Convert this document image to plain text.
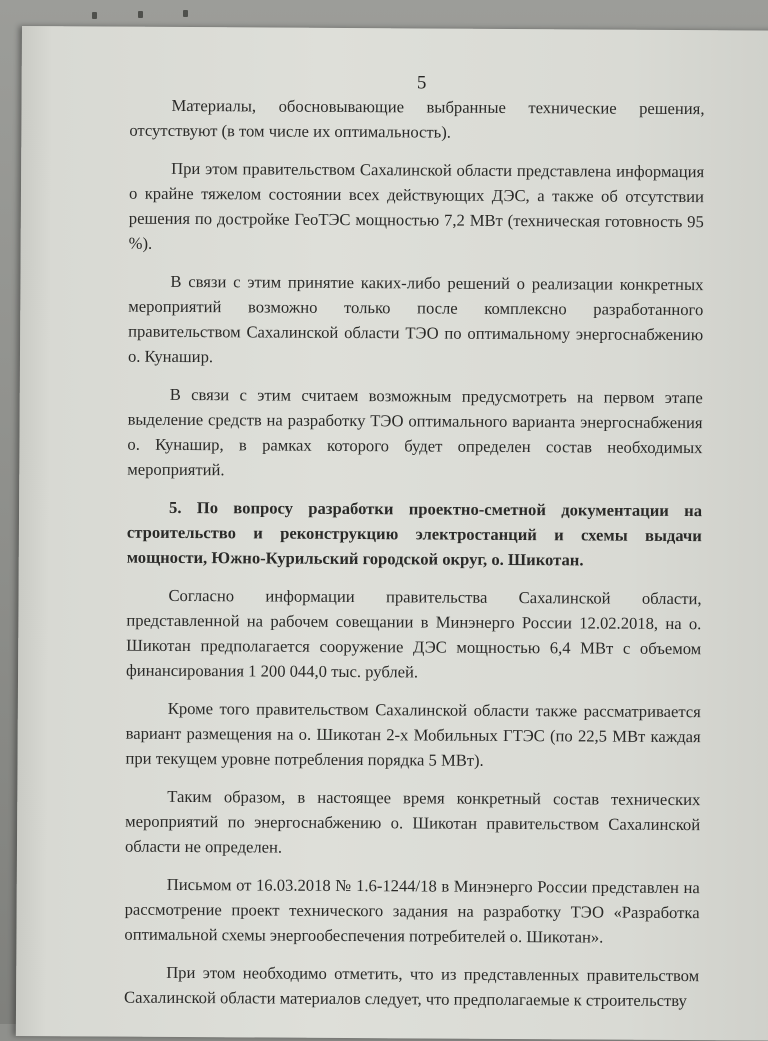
5

Материалы, обосновывающие выбранные технические решения, отсутствуют (в том числе их оптимальность).

При этом правительством Сахалинской области представлена информация о крайне тяжелом состоянии всех действующих ДЭС, а также об отсутствии решения по достройке ГеоТЭС мощностью 7,2 МВт (техническая готовность 95 %).

В связи с этим принятие каких-либо решений о реализации конкретных мероприятий возможно только после комплексно разработанного правительством Сахалинской области ТЭО по оптимальному энергоснабжению о. Кунашир.

В связи с этим считаем возможным предусмотреть на первом этапе выделение средств на разработку ТЭО оптимального варианта энергоснабжения о. Кунашир, в рамках которого будет определен состав необходимых мероприятий.

5. По вопросу разработки проектно-сметной документации на строительство и реконструкцию электростанций и схемы выдачи мощности, Южно-Курильский городской округ, о. Шикотан.

Согласно информации правительства Сахалинской области, представленной на рабочем совещании в Минэнерго России 12.02.2018, на о. Шикотан предполагается сооружение ДЭС мощностью 6,4 МВт с объемом финансирования 1 200 044,0 тыс. рублей.

Кроме того правительством Сахалинской области также рассматривается вариант размещения на о. Шикотан 2-х Мобильных ГТЭС (по 22,5 МВт каждая при текущем уровне потребления порядка 5 МВт).

Таким образом, в настоящее время конкретный состав технических мероприятий по энергоснабжению о. Шикотан правительством Сахалинской области не определен.

Письмом от 16.03.2018 № 1.6-1244/18 в Минэнерго России представлен на рассмотрение проект технического задания на разработку ТЭО «Разработка оптимальной схемы энергообеспечения потребителей о. Шикотан».

При этом необходимо отметить, что из представленных правительством Сахалинской области материалов следует, что предполагаемые к строительству
